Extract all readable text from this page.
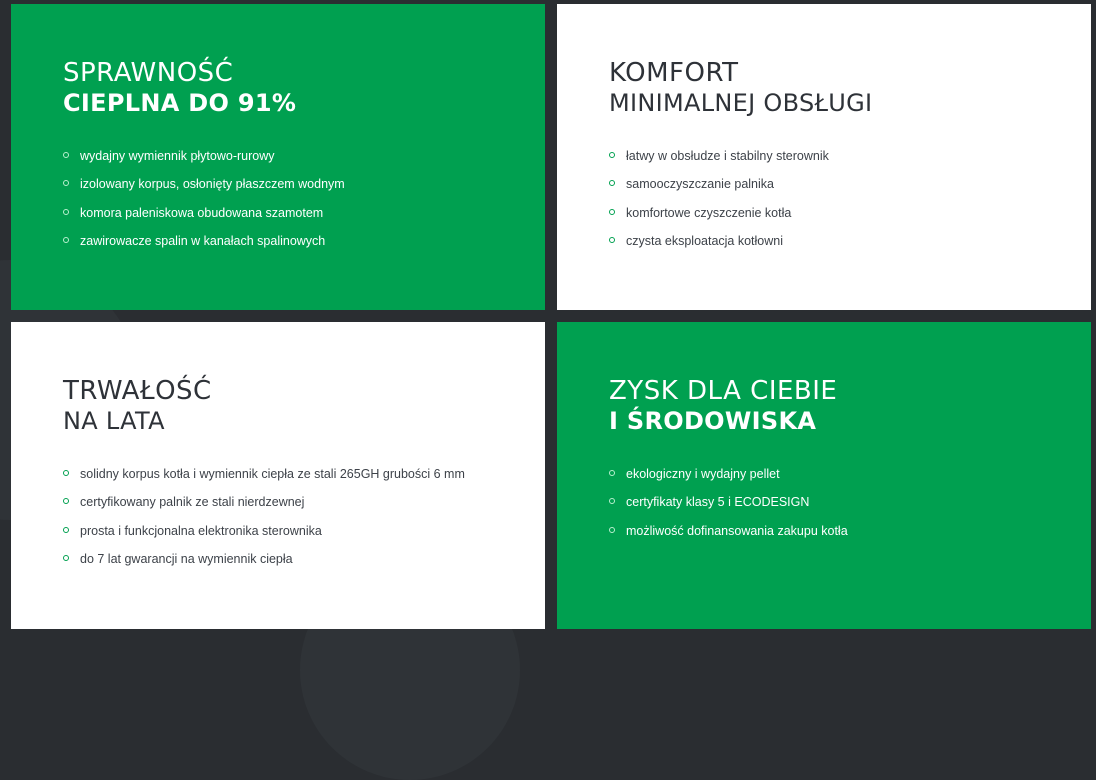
SPRAWNOŚĆ
CIEPLNA DO 91%
wydajny wymiennik płytowo-rurowy
izolowany korpus, osłonięty płaszczem wodnym
komora paleniskowa obudowana szamotem
zawirowacze spalin w kanałach spalinowych
KOMFORT
MINIMALNEJ OBSŁUGI
łatwy w obsłudze i stabilny sterownik
samooczyszczanie palnika
komfortowe czyszczenie kotła
czysta eksploatacja kotłowni
TRWAŁOŚĆ
NA LATA
solidny korpus kotła i wymiennik ciepła ze stali 265GH grubości 6 mm
certyfikowany palnik ze stali nierdzewnej
prosta i funkcjonalna elektronika sterownika
do 7 lat gwarancji na wymiennik ciepła
ZYSK DLA CIEBIE
I ŚRODOWISKA
ekologiczny i wydajny pellet
certyfikaty klasy 5 i ECODESIGN
możliwość dofinansowania zakupu kotła
